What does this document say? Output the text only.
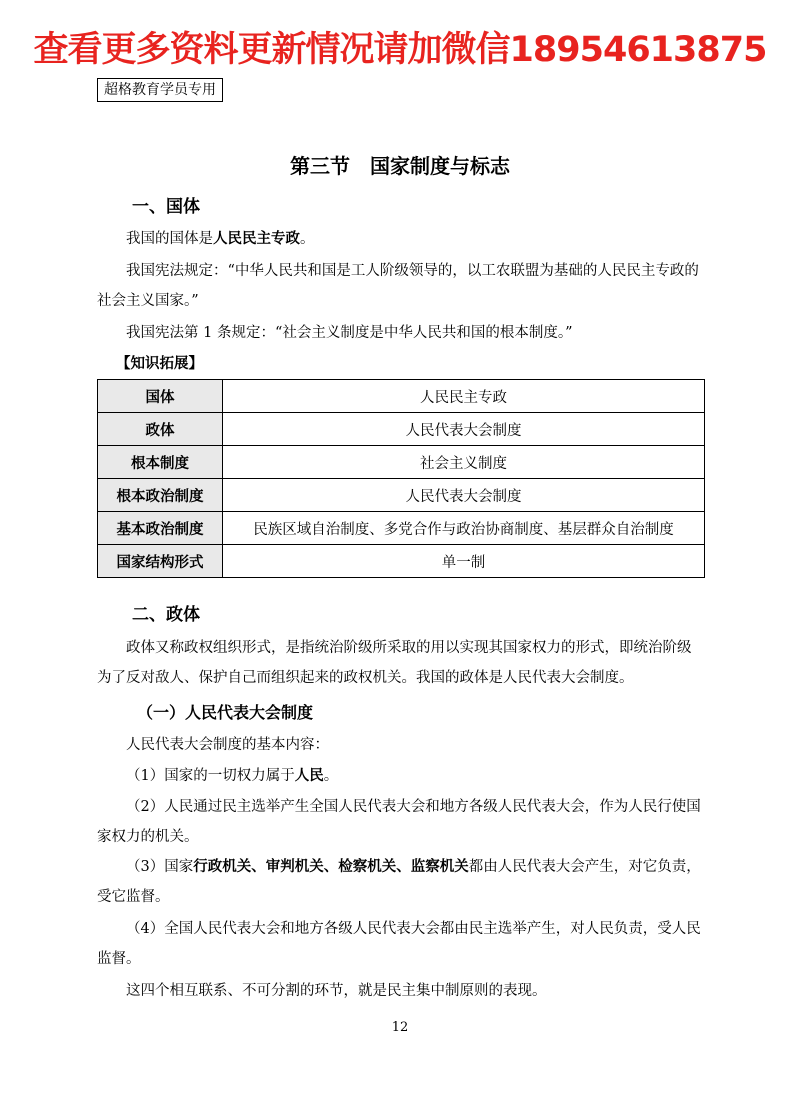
查看更多资料更新情况请加微信18954613875
超格教育学员专用
第三节　国家制度与标志
一、国体
我国的国体是人民民主专政。
我国宪法规定：“中华人民共和国是工人阶级领导的，以工农联盟为基础的人民民主专政的社会主义国家。”
我国宪法第 1 条规定：“社会主义制度是中华人民共和国的根本制度。”
【知识拓展】
国体	人民民主专政
政体	人民代表大会制度
根本制度	社会主义制度
根本政治制度	人民代表大会制度
基本政治制度	民族区域自治制度、多党合作与政治协商制度、基层群众自治制度
国家结构形式	单一制
二、政体
政体又称政权组织形式，是指统治阶级所采取的用以实现其国家权力的形式，即统治阶级为了反对敌人、保护自己而组织起来的政权机关。我国的政体是人民代表大会制度。
（一）人民代表大会制度
人民代表大会制度的基本内容：
（1）国家的一切权力属于人民。
（2）人民通过民主选举产生全国人民代表大会和地方各级人民代表大会，作为人民行使国家权力的机关。
（3）国家行政机关、审判机关、检察机关、监察机关都由人民代表大会产生，对它负责，受它监督。
（4）全国人民代表大会和地方各级人民代表大会都由民主选举产生，对人民负责，受人民监督。
这四个相互联系、不可分割的环节，就是民主集中制原则的表现。
12
